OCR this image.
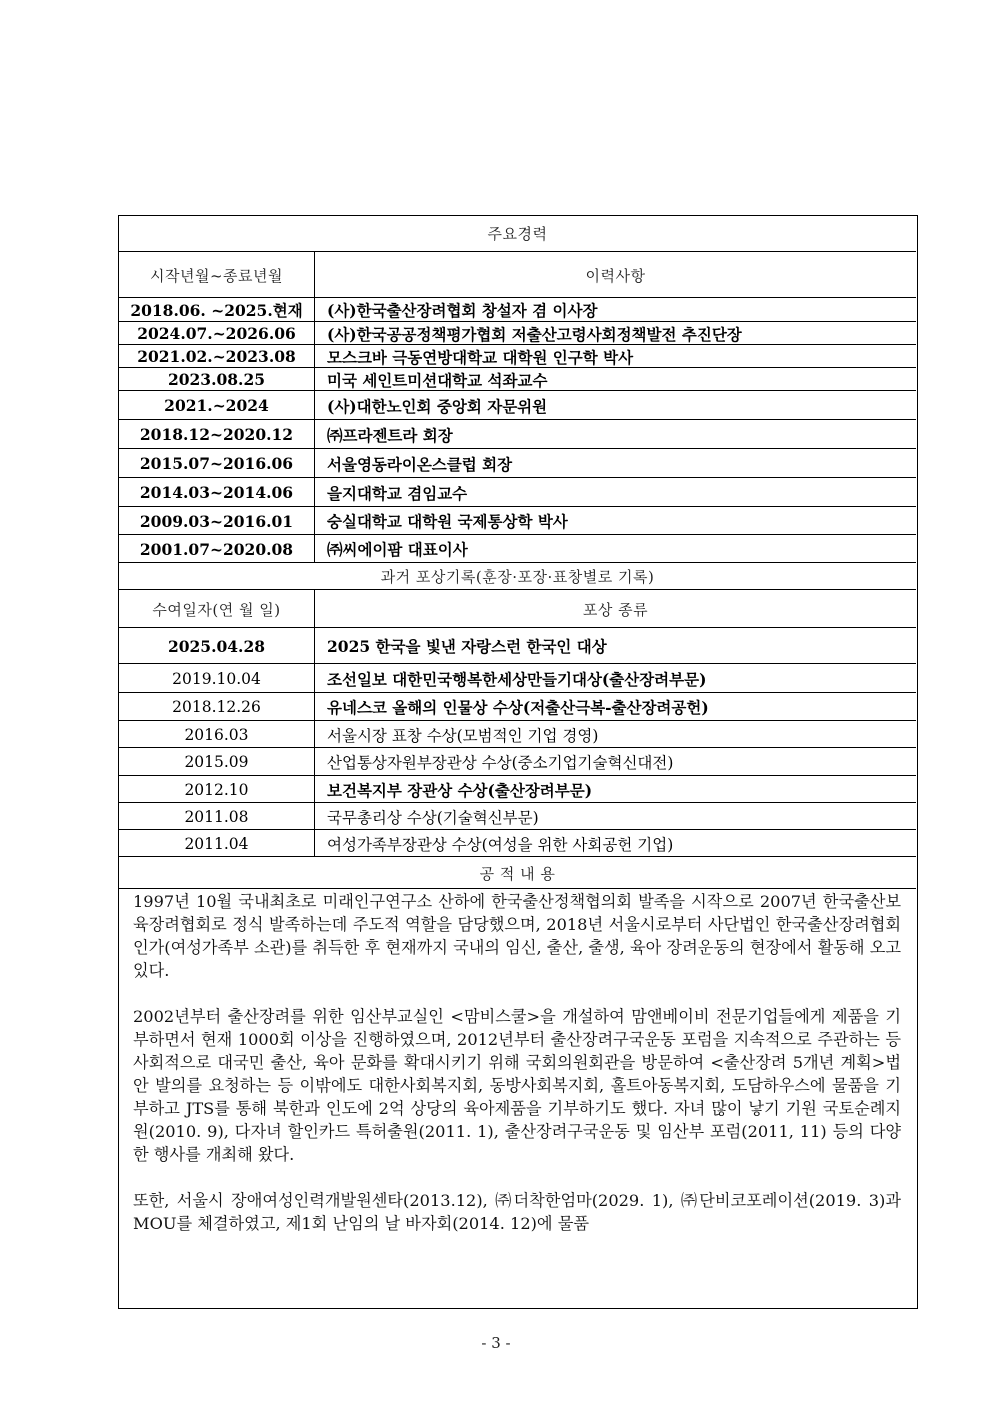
주요경력
시작년월~종료년월	이력사항
2018.06. ~2025.현재	(사)한국출산장려협회 창설자 겸 이사장
2024.07.~2026.06	(사)한국공공정책평가협회 저출산고령사회정책발전 추진단장
2021.02.~2023.08	모스크바 극동연방대학교 대학원 인구학 박사
2023.08.25	미국 세인트미션대학교 석좌교수
2021.~2024	(사)대한노인회 중앙회 자문위원
2018.12~2020.12	㈜프라젠트라 회장
2015.07~2016.06	서울영동라이온스클럽 회장
2014.03~2014.06	을지대학교 겸임교수
2009.03~2016.01	숭실대학교 대학원 국제통상학 박사
2001.07~2020.08	㈜씨에이팜 대표이사
과거 포상기록(훈장·포장·표창별로 기록)
수여일자(연 월 일)	포상 종류
2025.04.28	2025 한국을 빛낸 자랑스런 한국인 대상
2019.10.04	조선일보 대한민국행복한세상만들기대상(출산장려부문)
2018.12.26	유네스코 올해의 인물상 수상(저출산극복-출산장려공헌)
2016.03	서울시장 표창 수상(모범적인 기업 경영)
2015.09	산업통상자원부장관상 수상(중소기업기술혁신대전)
2012.10	보건복지부 장관상 수상(출산장려부문)
2011.08	국무총리상 수상(기술혁신부문)
2011.04	여성가족부장관상 수상(여성을 위한 사회공헌 기업)
공 적 내 용

1997년 10월 국내최초로 미래인구연구소 산하에 한국출산정책협의회 발족을 시작으로 2007년 한국출산보육장려협회로 정식 발족하는데 주도적 역할을 담당했으며, 2018년 서울시로부터 사단법인 한국출산장려협회 인가(여성가족부 소관)를 취득한 후 현재까지 국내의 임신, 출산, 출생, 육아 장려운동의 현장에서 활동해 오고 있다.

2002년부터 출산장려를 위한 임산부교실인 <맘비스쿨>을 개설하여 맘앤베이비 전문기업들에게 제품을 기부하면서 현재 1000회 이상을 진행하였으며, 2012년부터 출산장려구국운동 포럼을 지속적으로 주관하는 등 사회적으로 대국민 출산, 육아 문화를 확대시키기 위해 국회의원회관을 방문하여 <출산장려 5개년 계획>법안 발의를 요청하는 등 이밖에도 대한사회복지회, 동방사회복지회, 홀트아동복지회, 도담하우스에 물품을 기부하고 JTS를 통해 북한과 인도에 2억 상당의 육아제품을 기부하기도 했다. 자녀 많이 낳기 기원 국토순례지원(2010. 9), 다자녀 할인카드 특허출원(2011. 1), 출산장려구국운동 및 임산부 포럼(2011, 11) 등의 다양한 행사를 개최해 왔다.

또한, 서울시 장애여성인력개발원센타(2013.12), ㈜더착한엄마(2029. 1), ㈜단비코포레이션(2019. 3)과 MOU를 체결하였고, 제1회 난임의 날 바자회(2014. 12)에 물품

- 3 -
